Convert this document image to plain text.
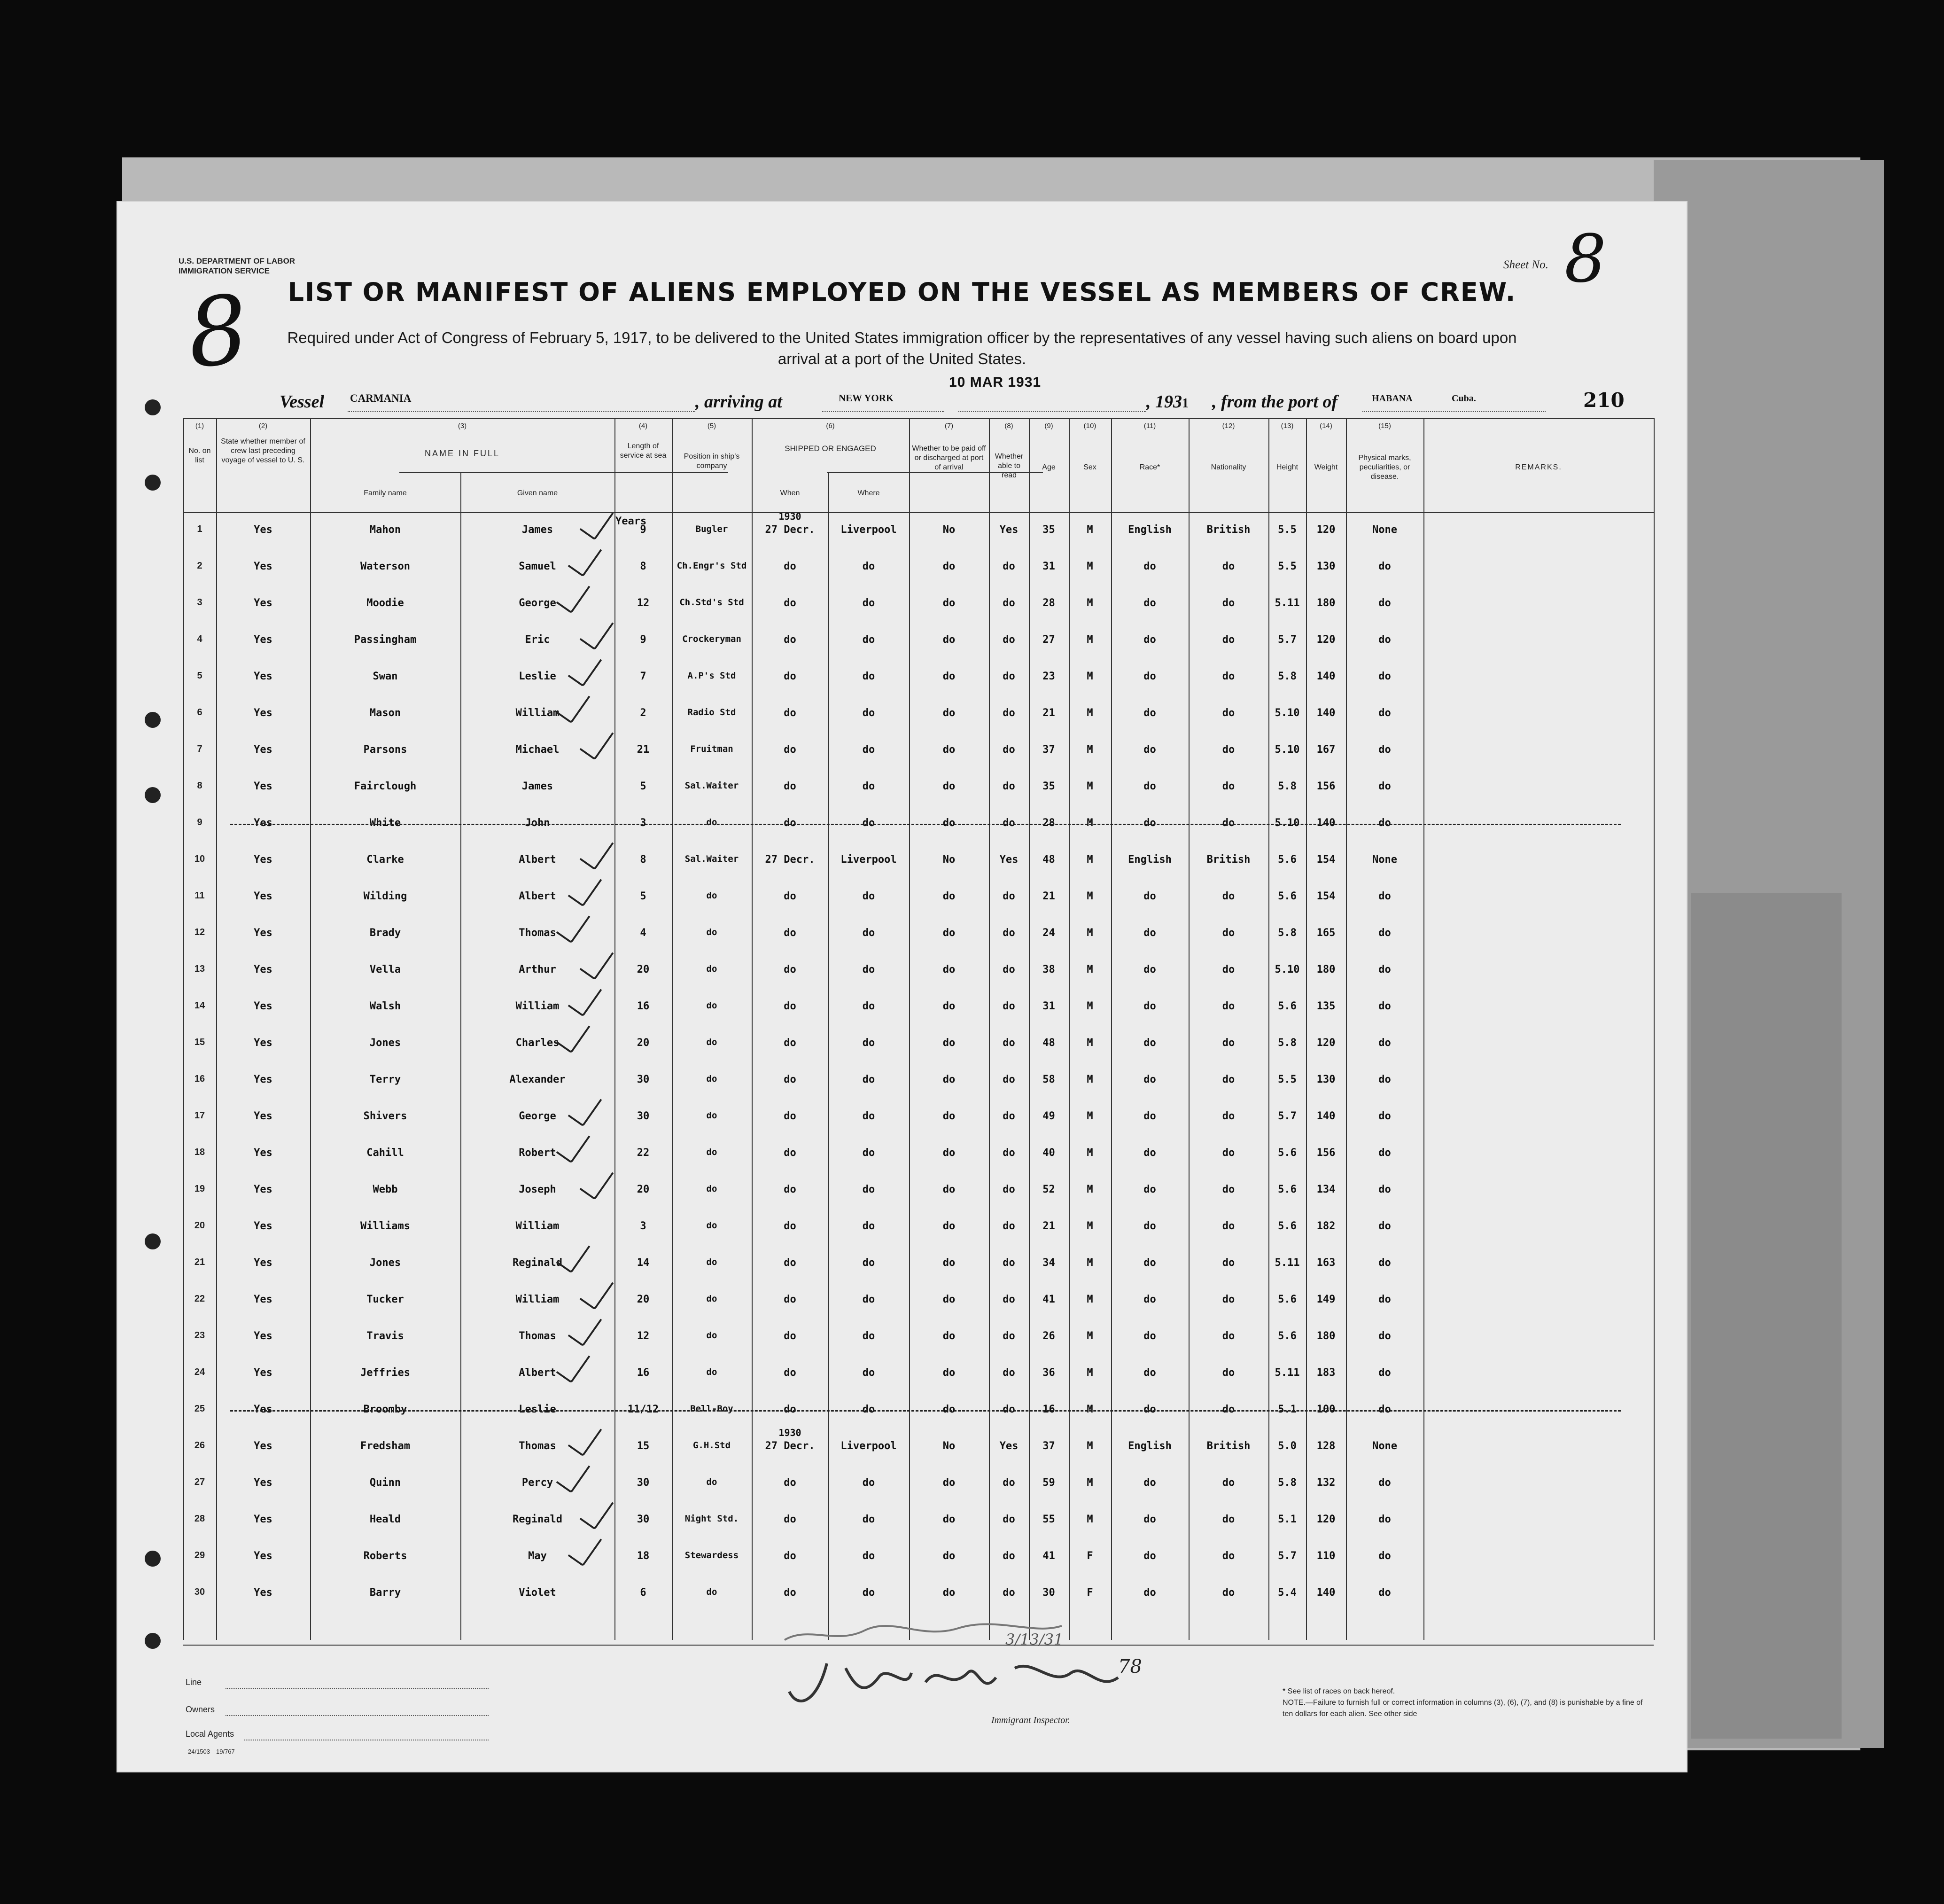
U.S. DEPARTMENT OF LABOR
IMMIGRATION SERVICE
8
Sheet No. 8
LIST OR MANIFEST OF ALIENS EMPLOYED ON THE VESSEL AS MEMBERS OF CREW.
Required under Act of Congress of February 5, 1917, to be delivered to the United States immigration officer by the representatives of any vessel having such aliens on board upon arrival at a port of the United States.
Vessel CARMANIA	, arriving at	NEW YORK
10 MAR 1931
, 1931 , from the port of	HABANA	Cuba.	210
(1)	(2)	(3)	(4)	(5)	(6)	(7)	(8)	(9)	(10)	(11)	(12)	(13)	(14)	(15)
No. on list
State whether member of crew last preceding voyage of vessel to U. S.
NAME IN FULL
Family name	Given name
Length of service at sea	Position in ship's company
SHIPPED OR ENGAGED
When	Where
Whether to be paid off or discharged at port of arrival
Whether able to read
Age	Sex	Race*	Nationality	Height	Weight
Physical marks, peculiarities, or disease.
REMARKS.
Years
1	Yes	Mahon	James	9	Bugler	27 Decr.	Liverpool	No	Yes	35	M	English	British	5.5	120	None
1930
2	Yes	Waterson	Samuel	8	Ch.Engr's Std	do	do	do	do	31	M	do	do	5.5	130	do
3	Yes	Moodie	George	12	Ch.Std's Std	do	do	do	do	28	M	do	do	5.11	180	do
4	Yes	Passingham	Eric	9	Crockeryman	do	do	do	do	27	M	do	do	5.7	120	do
5	Yes	Swan	Leslie	7	A.P's Std	do	do	do	do	23	M	do	do	5.8	140	do
6	Yes	Mason	William	2	Radio Std	do	do	do	do	21	M	do	do	5.10	140	do
7	Yes	Parsons	Michael	21	Fruitman	do	do	do	do	37	M	do	do	5.10	167	do
8	Yes	Fairclough	James	5	Sal.Waiter	do	do	do	do	35	M	do	do	5.8	156	do
9	Yes	White	John	3	do	do	do	do	do	28	M	do	do	5.10	140	do
10	Yes	Clarke	Albert	8	Sal.Waiter	27 Decr.	Liverpool	No	Yes	48	M	English	British	5.6	154	None
11	Yes	Wilding	Albert	5	do	do	do	do	do	21	M	do	do	5.6	154	do
12	Yes	Brady	Thomas	4	do	do	do	do	do	24	M	do	do	5.8	165	do
13	Yes	Vella	Arthur	20	do	do	do	do	do	38	M	do	do	5.10	180	do
14	Yes	Walsh	William	16	do	do	do	do	do	31	M	do	do	5.6	135	do
15	Yes	Jones	Charles	20	do	do	do	do	do	48	M	do	do	5.8	120	do
16	Yes	Terry	Alexander	30	do	do	do	do	do	58	M	do	do	5.5	130	do
17	Yes	Shivers	George	30	do	do	do	do	do	49	M	do	do	5.7	140	do
18	Yes	Cahill	Robert	22	do	do	do	do	do	40	M	do	do	5.6	156	do
19	Yes	Webb	Joseph	20	do	do	do	do	do	52	M	do	do	5.6	134	do
20	Yes	Williams	William	3	do	do	do	do	do	21	M	do	do	5.6	182	do
21	Yes	Jones	Reginald	14	do	do	do	do	do	34	M	do	do	5.11	163	do
22	Yes	Tucker	William	20	do	do	do	do	do	41	M	do	do	5.6	149	do
23	Yes	Travis	Thomas	12	do	do	do	do	do	26	M	do	do	5.6	180	do
24	Yes	Jeffries	Albert	16	do	do	do	do	do	36	M	do	do	5.11	183	do
25	Yes	Broomby	Leslie	11/12	Bell-Boy	do	do	do	do	16	M	do	do	5.1	100	do
26	Yes	Fredsham	Thomas	15	G.H.Std	27 Decr.	Liverpool	No	Yes	37	M	English	British	5.0	128	None
1930
27	Yes	Quinn	Percy	30	do	do	do	do	do	59	M	do	do	5.8	132	do
28	Yes	Heald	Reginald	30	Night Std.	do	do	do	do	55	M	do	do	5.1	120	do
29	Yes	Roberts	May	18	Stewardess	do	do	do	do	41	F	do	do	5.7	110	do
30	Yes	Barry	Violet	6	do	do	do	do	do	30	F	do	do	5.4	140	do
Line
Owners
Local Agents
24/1503—19/767
3/13/31
78
Immigrant Inspector.
* See list of races on back hereof.
NOTE.—Failure to furnish full or correct information in columns (3), (6), (7), and (8) is punishable by a fine of ten dollars for each alien. See other side
